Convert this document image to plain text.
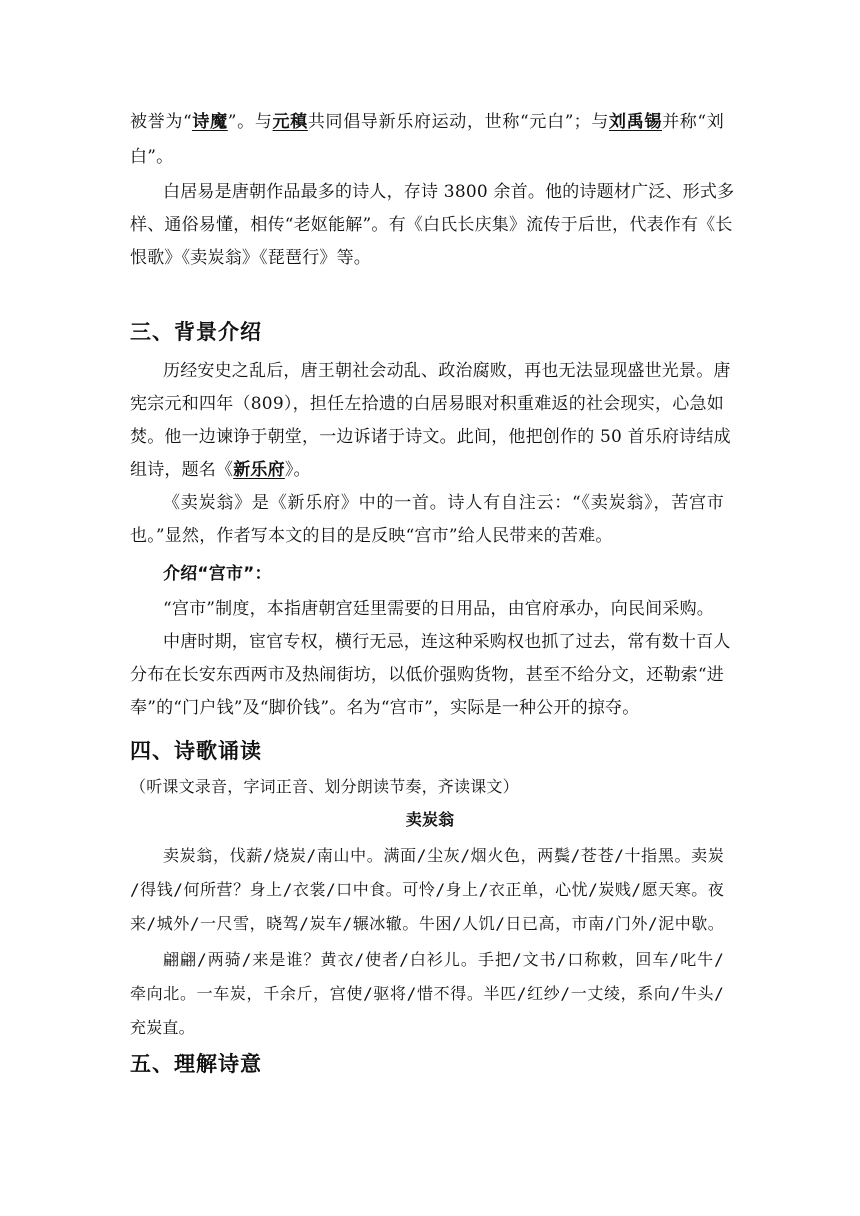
被誉为“诗魔”。与元稹共同倡导新乐府运动，世称“元白”；与刘禹锡并称“刘
白”。
白居易是唐朝作品最多的诗人，存诗 3800 余首。他的诗题材广泛、形式多
样、通俗易懂，相传“老妪能解”。有《白氏长庆集》流传于后世，代表作有《长
恨歌》《卖炭翁》《琵琶行》等。
三、背景介绍
历经安史之乱后，唐王朝社会动乱、政治腐败，再也无法显现盛世光景。唐
宪宗元和四年（809），担任左拾遗的白居易眼对积重难返的社会现实，心急如
焚。他一边谏诤于朝堂，一边诉诸于诗文。此间，他把创作的 50 首乐府诗结成
组诗，题名《新乐府》。
《卖炭翁》是《新乐府》中的一首。诗人有自注云：“《卖炭翁》，苦宫市
也。”显然，作者写本文的目的是反映“宫市”给人民带来的苦难。
介绍“宫市”：
“宫市”制度，本指唐朝宫廷里需要的日用品，由官府承办，向民间采购。
中唐时期，宦官专权，横行无忌，连这种采购权也抓了过去，常有数十百人
分布在长安东西两市及热闹街坊，以低价强购货物，甚至不给分文，还勒索“进
奉”的“门户钱”及“脚价钱”。名为“宫市”，实际是一种公开的掠夺。
四、诗歌诵读
（听课文录音，字词正音、划分朗读节奏，齐读课文）
卖炭翁
卖炭翁，伐薪/烧炭/南山中。满面/尘灰/烟火色，两鬓/苍苍/十指黑。卖炭
/得钱/何所营？身上/衣裳/口中食。可怜/身上/衣正单，心忧/炭贱/愿天寒。夜
来/城外/一尺雪，晓驾/炭车/辗冰辙。牛困/人饥/日已高，市南/门外/泥中歇。
翩翩/两骑/来是谁？黄衣/使者/白衫儿。手把/文书/口称敕，回车/叱牛/
牵向北。一车炭，千余斤，宫使/驱将/惜不得。半匹/红纱/一丈绫，系向/牛头/
充炭直。
五、理解诗意
